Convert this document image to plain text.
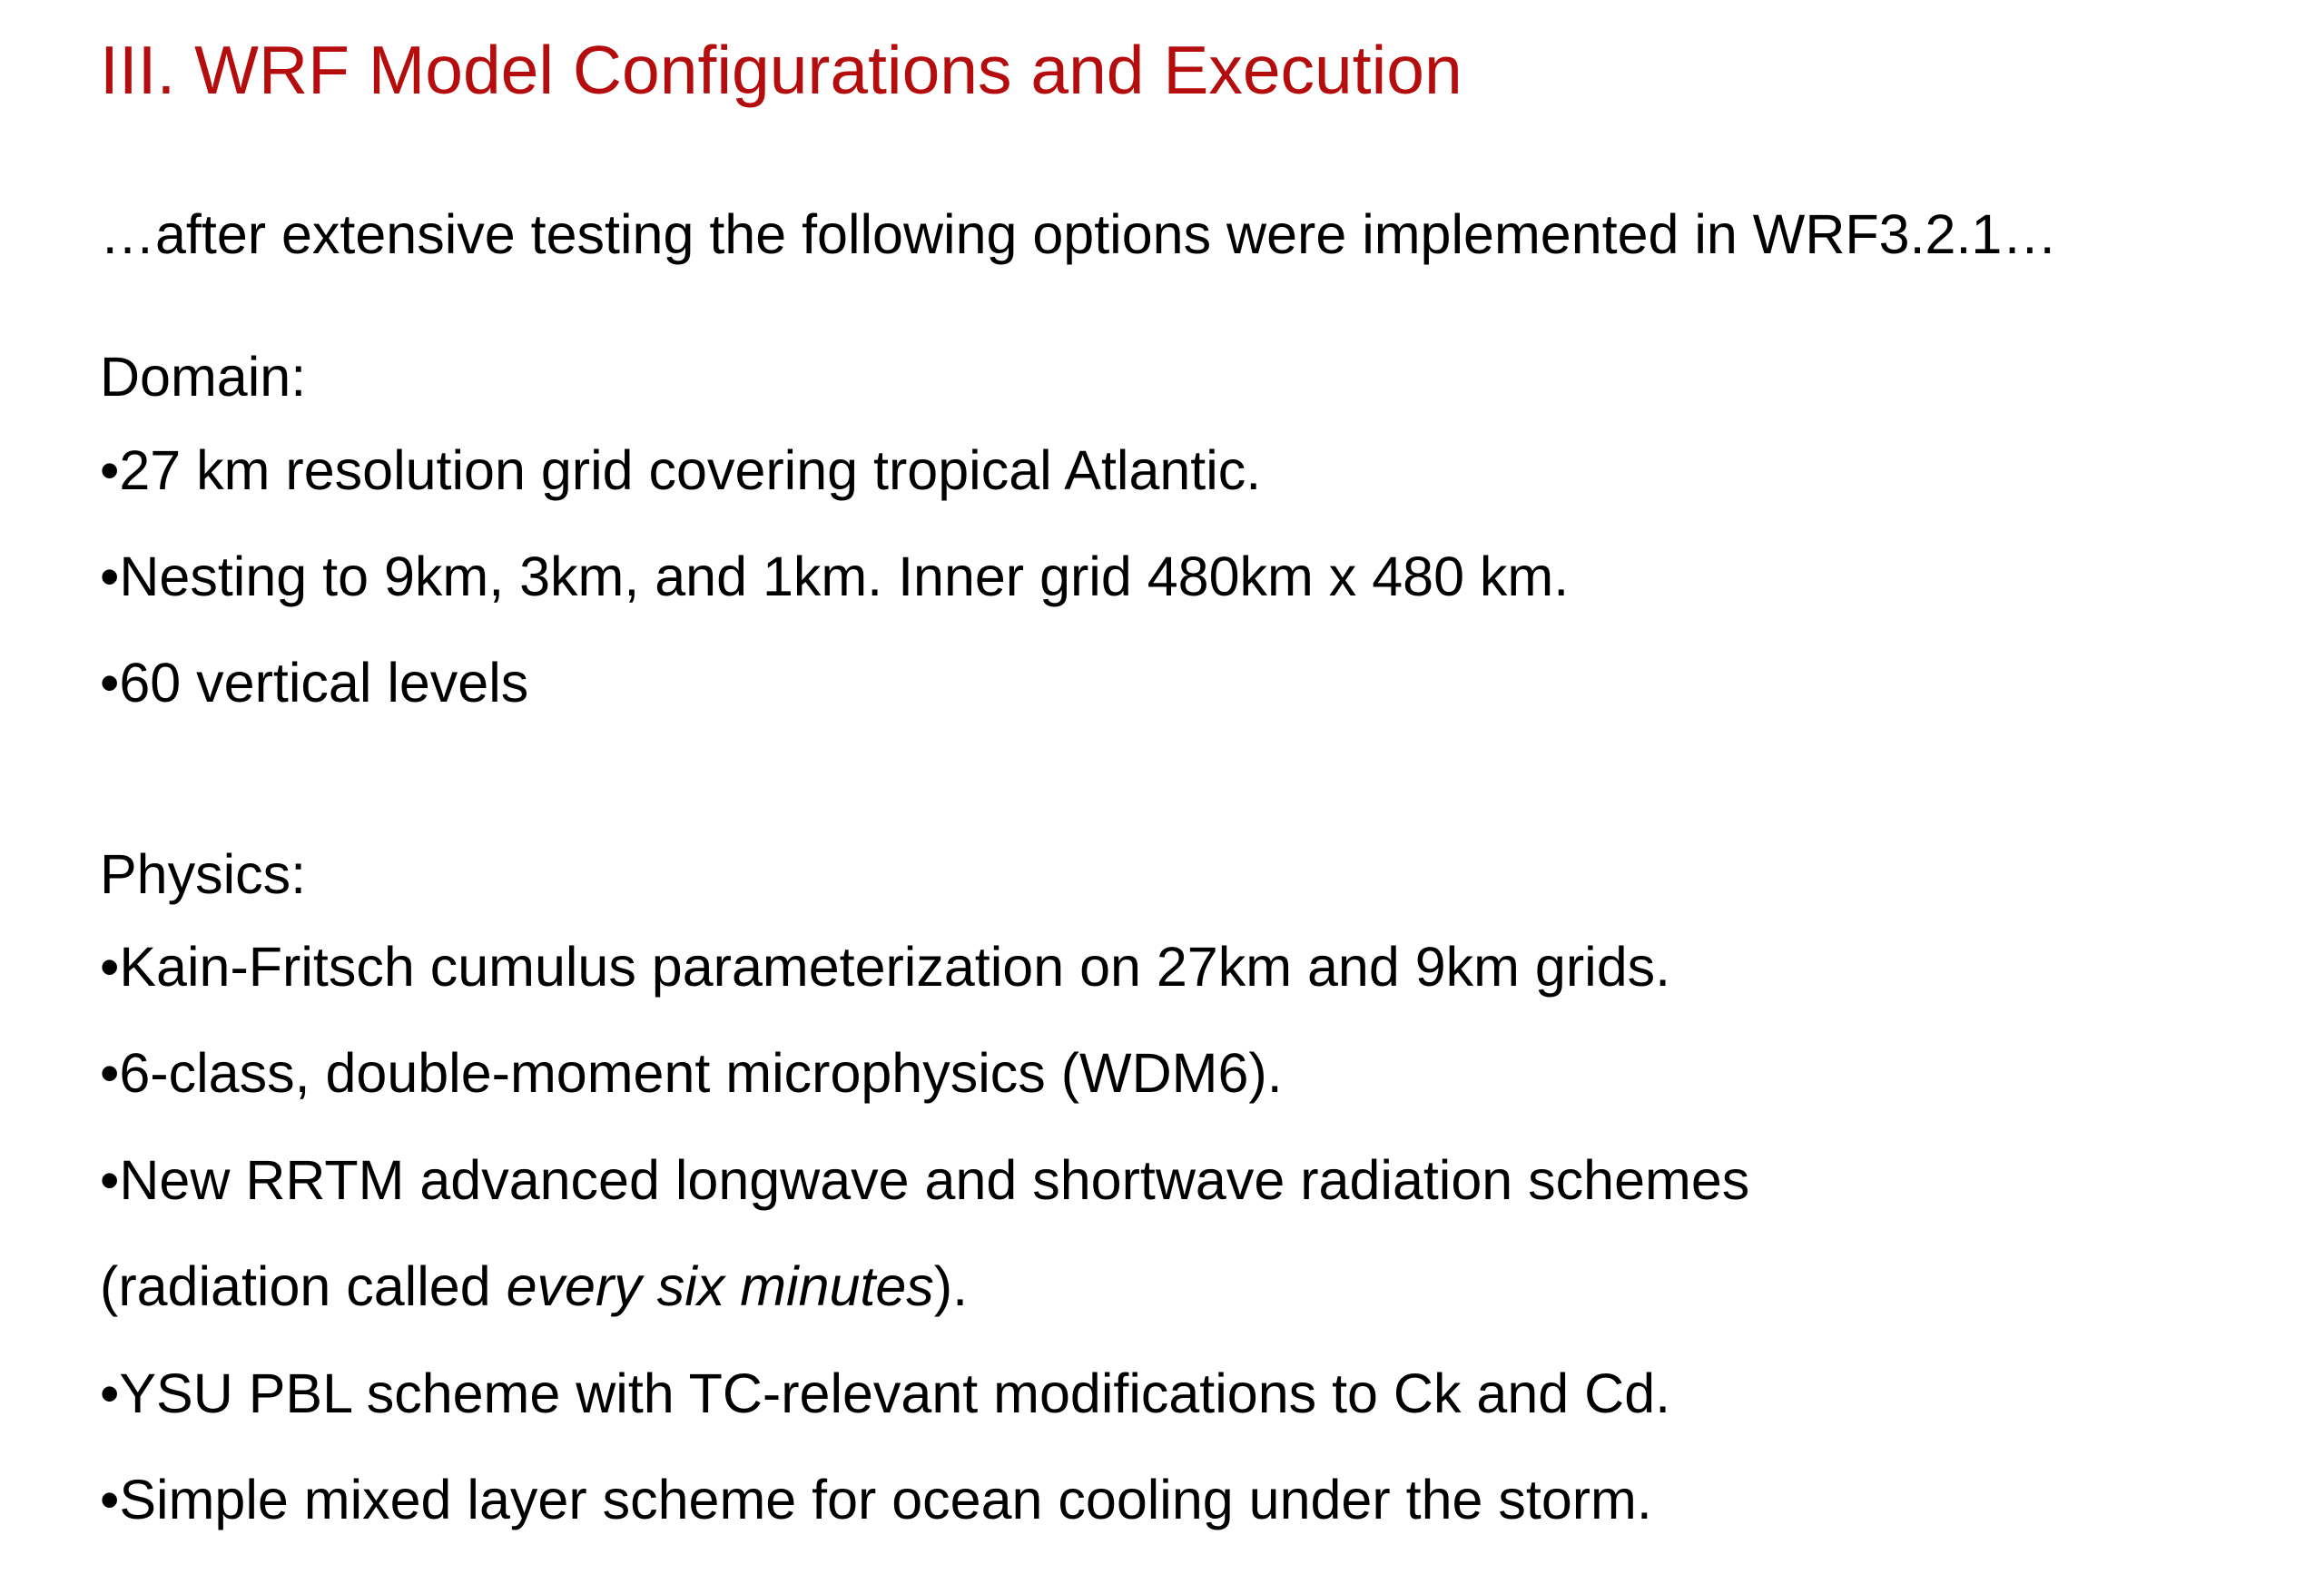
III. WRF Model Configurations and Execution
…after extensive testing the following options were implemented in WRF3.2.1…
Domain:
•27 km resolution grid covering tropical Atlantic.
•Nesting to 9km, 3km, and 1km. Inner grid 480km x 480 km.
•60 vertical levels
Physics:
•Kain-Fritsch cumulus parameterization on 27km and 9km grids.
•6-class, double-moment microphysics (WDM6).
•New RRTM advanced longwave and shortwave radiation schemes
(radiation called every six minutes).
•YSU PBL scheme with TC-relevant modifications to Ck and Cd.
•Simple mixed layer scheme for ocean cooling under the storm.
